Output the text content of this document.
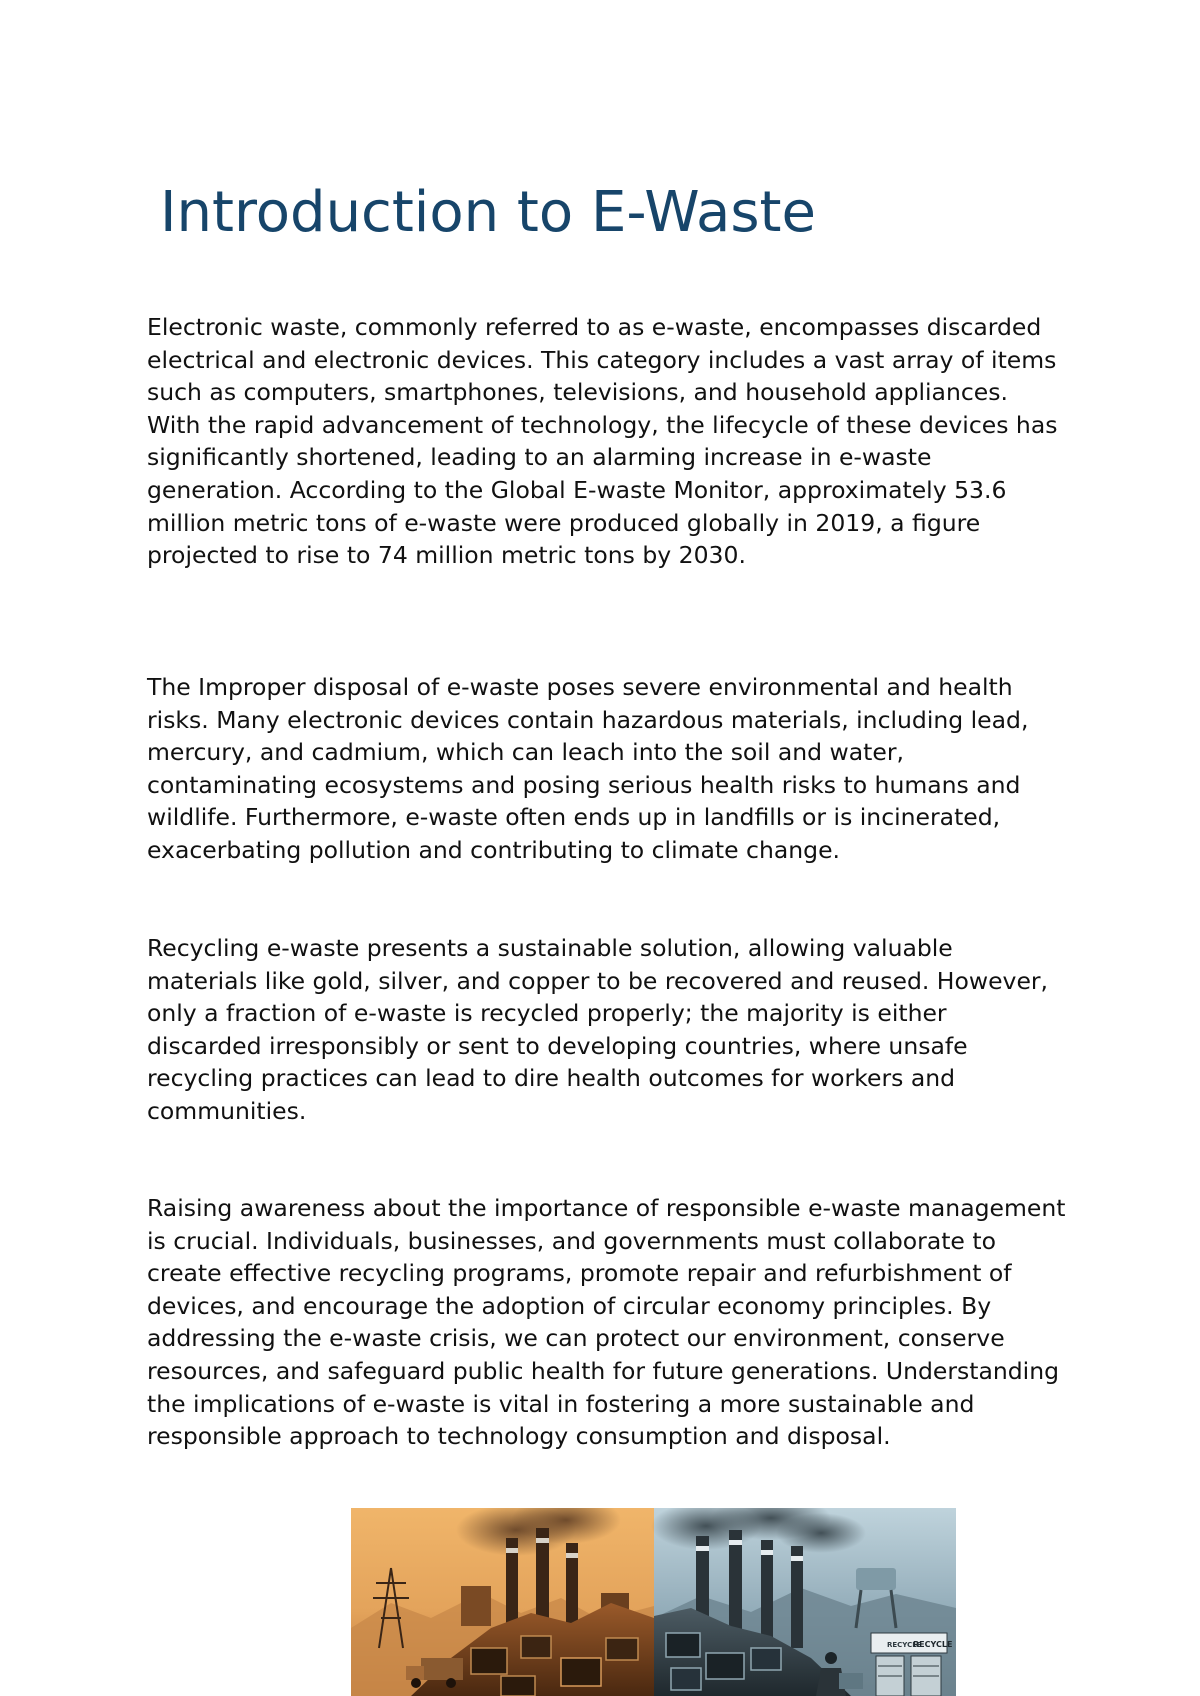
Introduction to E-Waste

Electronic waste, commonly referred to as e-waste, encompasses discarded electrical and electronic devices. This category includes a vast array of items such as computers, smartphones, televisions, and household appliances. With the rapid advancement of technology, the lifecycle of these devices has significantly shortened, leading to an alarming increase in e-waste generation. According to the Global E-waste Monitor, approximately 53.6 million metric tons of e-waste were produced globally in 2019, a figure projected to rise to 74 million metric tons by 2030.

The Improper disposal of e-waste poses severe environmental and health risks. Many electronic devices contain hazardous materials, including lead, mercury, and cadmium, which can leach into the soil and water, contaminating ecosystems and posing serious health risks to humans and wildlife. Furthermore, e-waste often ends up in landfills or is incinerated, exacerbating pollution and contributing to climate change.

Recycling e-waste presents a sustainable solution, allowing valuable materials like gold, silver, and copper to be recovered and reused. However, only a fraction of e-waste is recycled properly; the majority is either discarded irresponsibly or sent to developing countries, where unsafe recycling practices can lead to dire health outcomes for workers and communities.

Raising awareness about the importance of responsible e-waste management is crucial. Individuals, businesses, and governments must collaborate to create effective recycling programs, promote repair and refurbishment of devices, and encourage the adoption of circular economy principles. By addressing the e-waste crisis, we can protect our environment, conserve resources, and safeguard public health for future generations. Understanding the implications of e-waste is vital in fostering a more sustainable and responsible approach to technology consumption and disposal.

RECYCLE
RECYCLE
